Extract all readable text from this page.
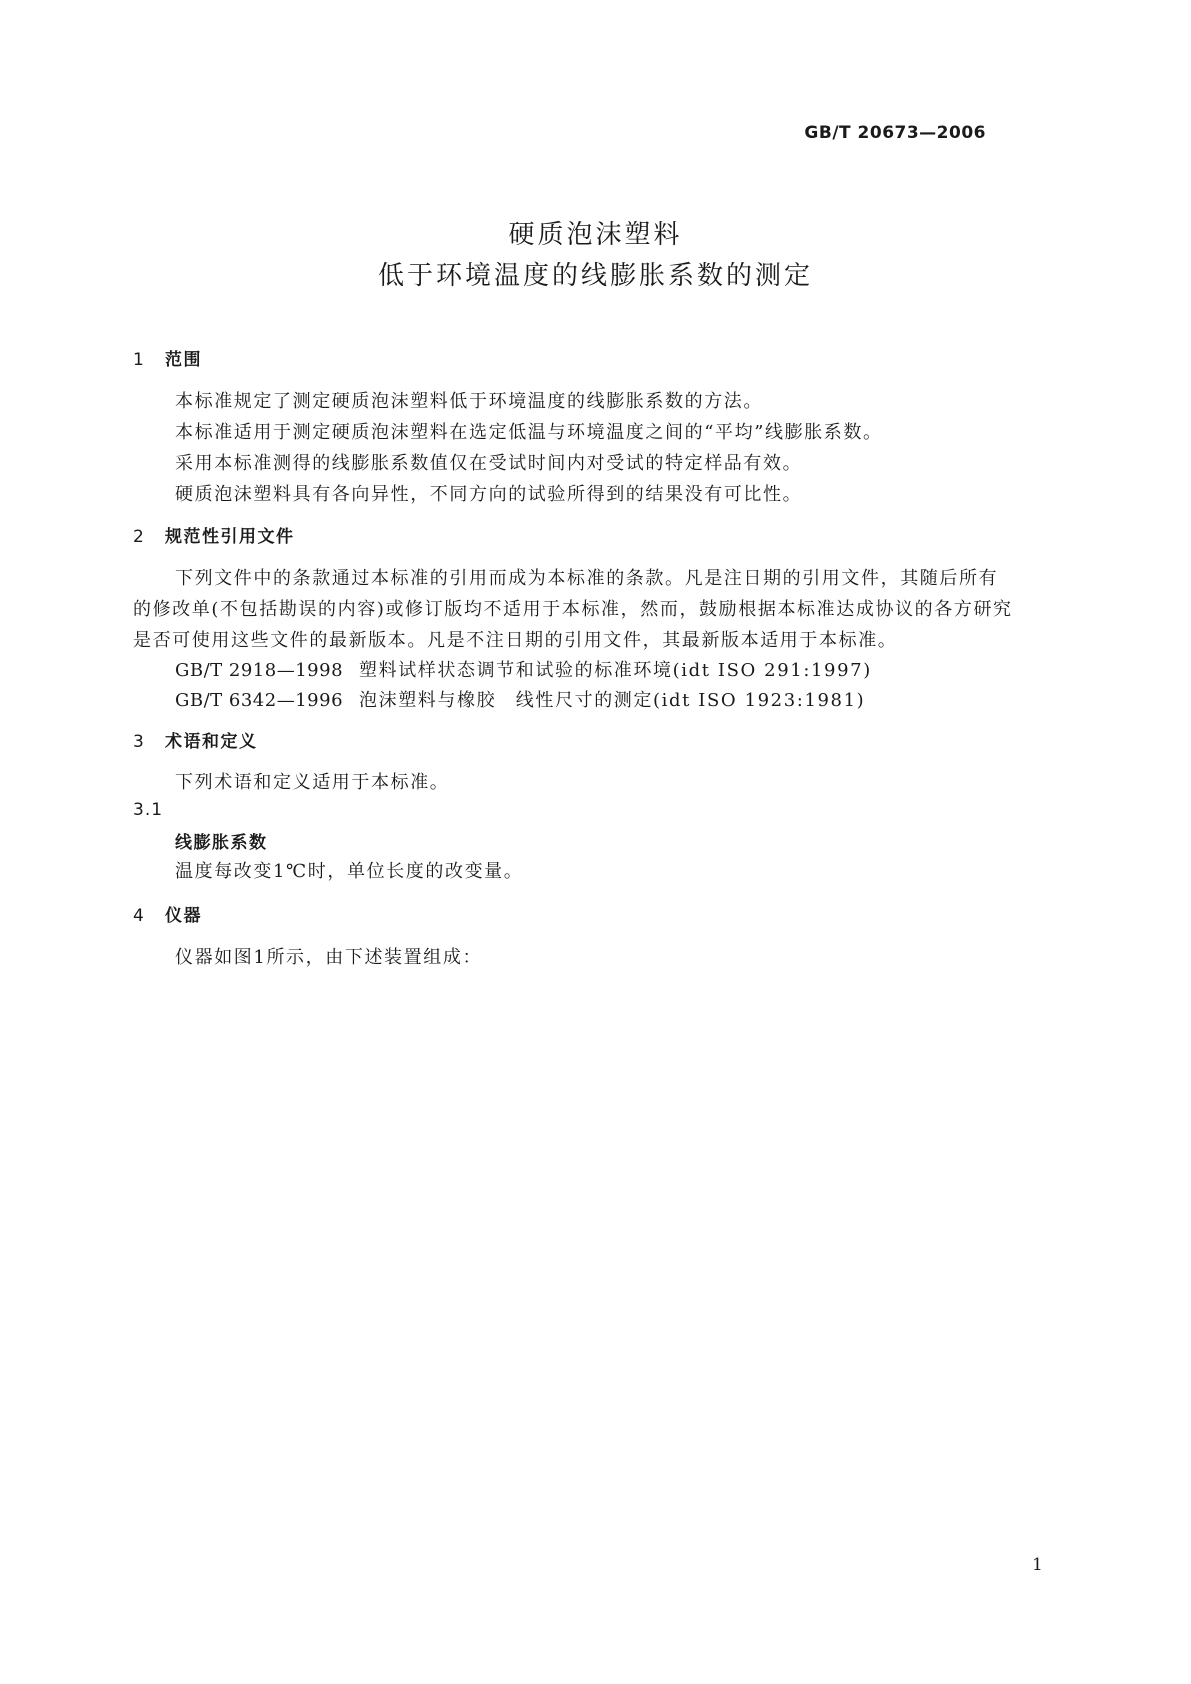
GB/T 20673—2006
硬质泡沫塑料
低于环境温度的线膨胀系数的测定
1 范围
本标准规定了测定硬质泡沫塑料低于环境温度的线膨胀系数的方法。
本标准适用于测定硬质泡沫塑料在选定低温与环境温度之间的“平均”线膨胀系数。
采用本标准测得的线膨胀系数值仅在受试时间内对受试的特定样品有效。
硬质泡沫塑料具有各向异性，不同方向的试验所得到的结果没有可比性。
2 规范性引用文件
下列文件中的条款通过本标准的引用而成为本标准的条款。凡是注日期的引用文件，其随后所有
的修改单(不包括勘误的内容)或修订版均不适用于本标准，然而，鼓励根据本标准达成协议的各方研究
是否可使用这些文件的最新版本。凡是不注日期的引用文件，其最新版本适用于本标准。
GB/T 2918—1998 塑料试样状态调节和试验的标准环境(idt ISO 291:1997)
GB/T 6342—1996 泡沫塑料与橡胶　线性尺寸的测定(idt ISO 1923:1981)
3 术语和定义
下列术语和定义适用于本标准。
3.1
线膨胀系数
温度每改变1℃时，单位长度的改变量。
4 仪器
仪器如图1所示，由下述装置组成：
1
